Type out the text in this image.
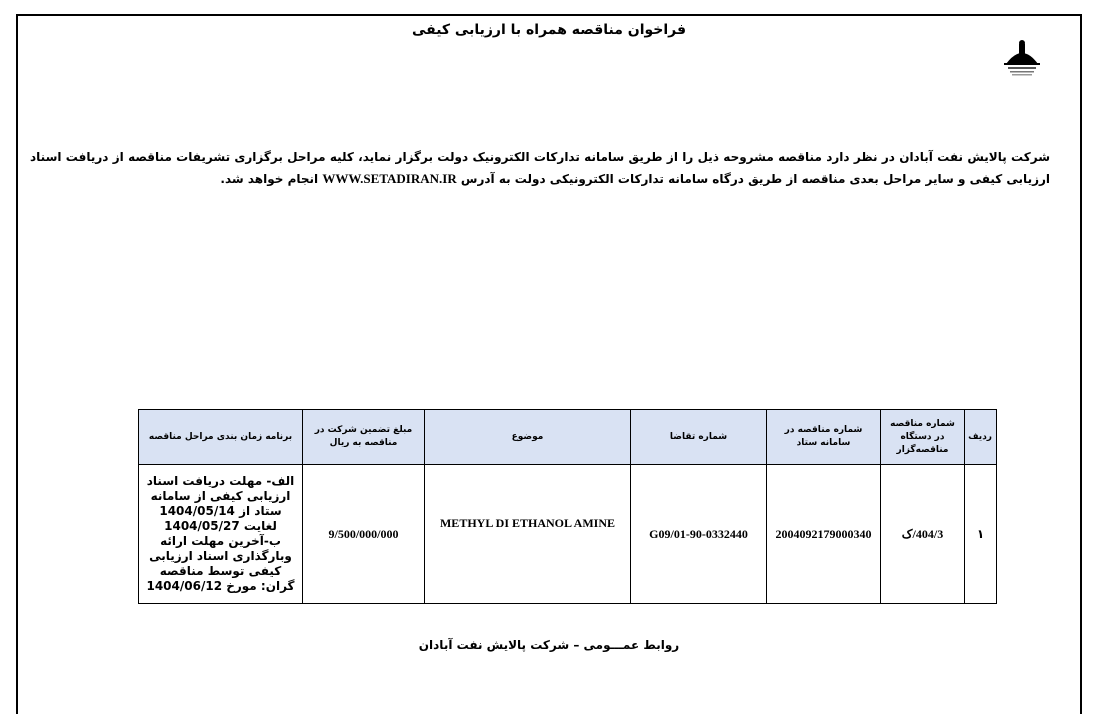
فراخوان مناقصه همراه با ارزیابی کیفی
شرکت پالایش نفت آبادان در نظر دارد مناقصه مشروحه ذیل را از طریق سامانه تدارکات الکترونیک دولت برگزار نماید، کلیه مراحل برگزاری تشریفات مناقصه از دریافت اسناد ارزیابی کیفی و سایر مراحل بعدی مناقصه از طریق درگاه سامانه تدارکات الکترونیکی دولت به آدرس WWW.SETADIRAN.IR انجام خواهد شد.
ردیف	شماره مناقصه در دستگاه مناقصه‌گزار	شماره مناقصه در سامانه ستاد	شماره تقاضا	موضوع	مبلغ تضمین شرکت در مناقصه به ریال	برنامه زمان بندی مراحل مناقصه
۱	404/3/ک	2004092179000340	01-90-0332440/G09	METHYL DI ETHANOL AMINE	9/500/000/000	الف- مهلت دریافت اسناد ارزیابی کیفی از سامانه ستاد از 1404/05/14 لغایت 1404/05/27
ب-آخرین مهلت ارائه وبارگذاری اسناد ارزیابی کیفی توسط مناقصه گران: مورخ 1404/06/12
روابط عمـــومی – شرکت پالایش نفت آبادان
